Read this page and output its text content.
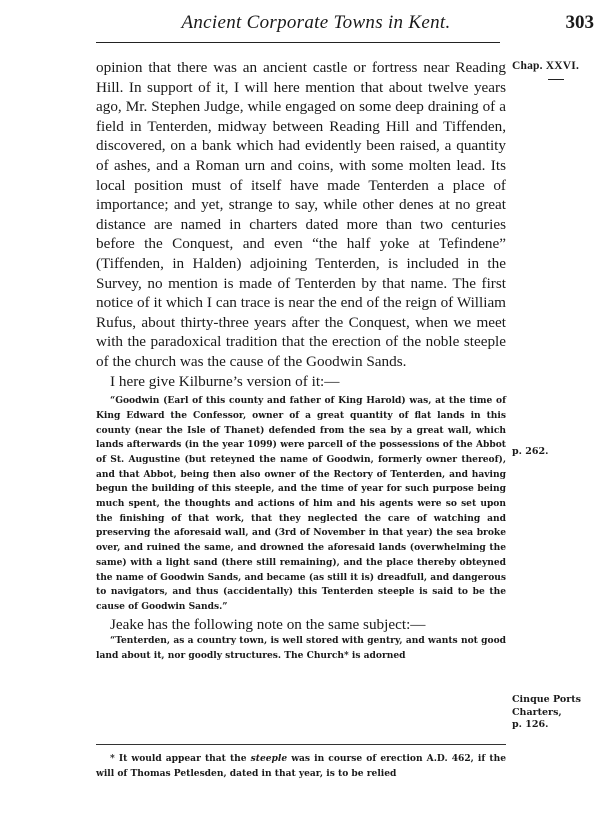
Ancient Corporate Towns in Kent.	303
Chap. XXVI.

opinion that there was an ancient castle or fortress near Reading Hill. In support of it, I will here mention that about twelve years ago, Mr. Stephen Judge, while engaged on some deep draining of a field in Tenterden, midway between Reading Hill and Tiffenden, discovered, on a bank which had evidently been raised, a quantity of ashes, and a Roman urn and coins, with some molten lead. Its local position must of itself have made Tenterden a place of importance; and yet, strange to say, while other denes at no great distance are named in charters dated more than two centuries before the Conquest, and even “the half yoke at Tefindene” (Tiffenden, in Halden) adjoining Tenterden, is included in the Survey, no mention is made of Tenterden by that name. The first notice of it which I can trace is near the end of the reign of William Rufus, about thirty-three years after the Conquest, when we meet with the paradoxical tradition that the erection of the noble steeple of the church was the cause of the Goodwin Sands.

I here give Kilburne’s version of it:—

“Goodwin (Earl of this county and father of King Harold) was, at the time of King Edward the Confessor, owner of a great quantity of flat lands in this county (near the Isle of Thanet) defended from the sea by a great wall, which lands afterwards (in the year 1099) were parcell of the possessions of the Abbot of St. Augustine (but reteyned the name of Goodwin, formerly owner thereof), and that Abbot, being then also owner of the Rectory of Tenterden, and having begun the building of this steeple, and the time of year for such purpose being much spent, the thoughts and actions of him and his agents were so set upon the finishing of that work, that they neglected the care of watching and preserving the aforesaid wall, and (3rd of November in that year) the sea broke over, and ruined the same, and drowned the aforesaid lands (overwhelming the same) with a light sand (there still remaining), and the place thereby obteyned the name of Goodwin Sands, and became (as still it is) dreadfull, and dangerous to navigators, and thus (accidentally) this Tenterden steeple is said to be the cause of Goodwin Sands.”

Jeake has the following note on the same subject:—

“Tenterden, as a country town, is well stored with gentry, and wants not good land about it, nor goodly structures. The Church* is adorned

p. 262.
Cinque Ports
Charters,
p. 126.
* It would appear that the steeple was in course of erection A.D. 462, if the will of Thomas Petlesden, dated in that year, is to be relied
